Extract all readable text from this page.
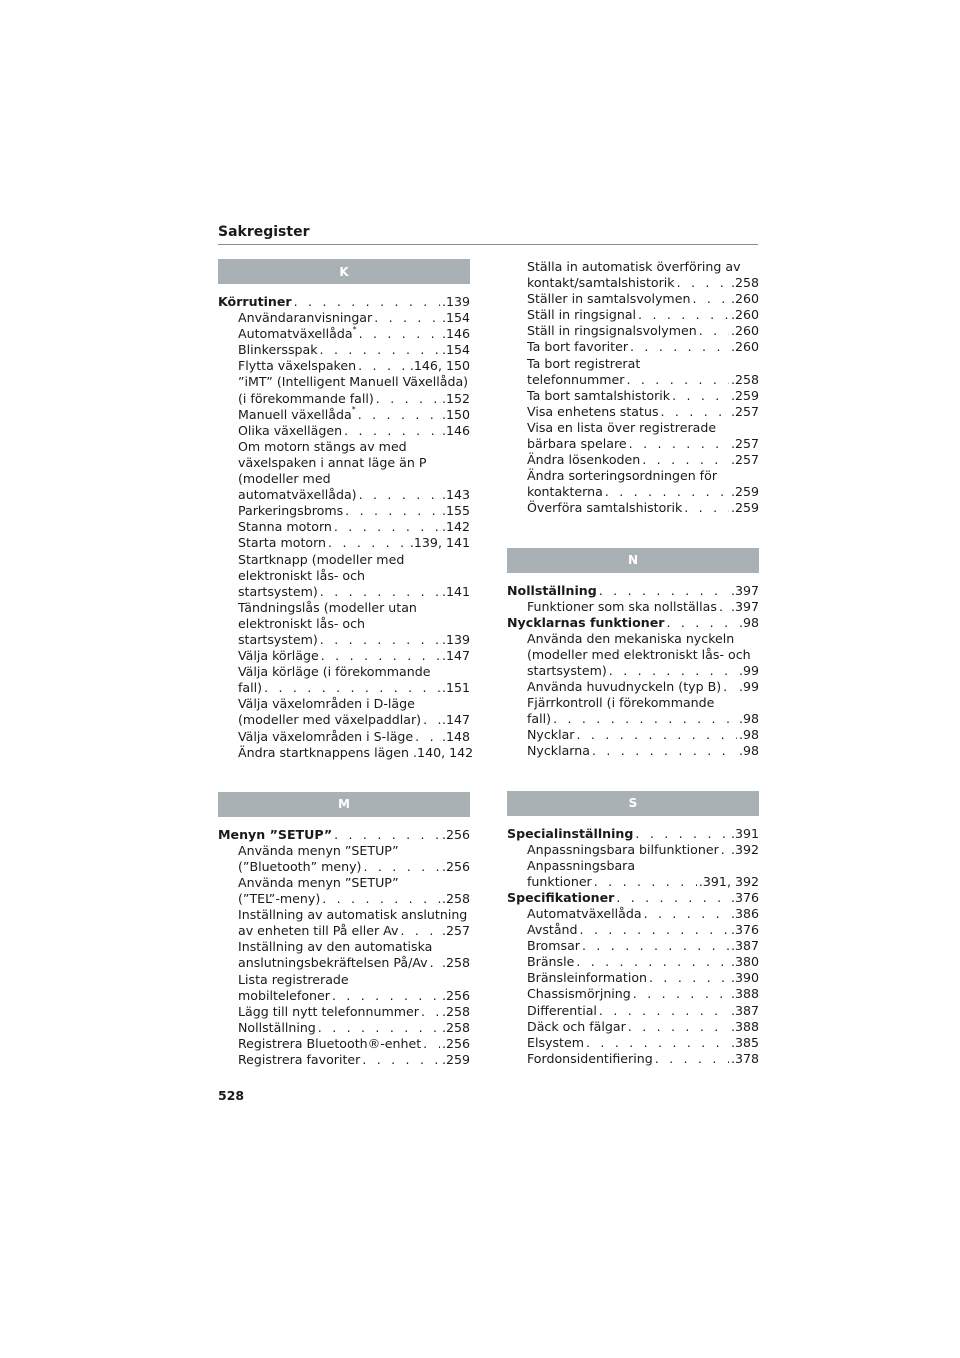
Sakregister
K
Körrutiner . . .	.139
Användaranvisningar . . .	.154
Automatväxellåda* . . .	.146
Blinkersspak . . .	.154
Flytta växelspaken . . .	.146, 150
”iMT” (Intelligent Manuell Växellåda)
(i förekommande fall) . . .	.152
Manuell växellåda* . . .	.150
Olika växellägen . . .	.146
Om motorn stängs av med
växelspaken i annat läge än P
(modeller med
automatväxellåda) . . .	.143
Parkeringsbroms . . .	.155
Stanna motorn . . .	.142
Starta motorn . . .	.139, 141
Startknapp (modeller med
elektroniskt lås- och
startsystem) . . .	.141
Tändningslås (modeller utan
elektroniskt lås- och
startsystem) . . .	.139
Välja körläge . . .	.147
Välja körläge (i förekommande
fall) . . .	.151
Välja växelområden i D-läge
(modeller med växelpaddlar) . . . .147
Välja växelområden i S-läge . . . .148
Ändra startknappens lägen .140, 142
M
Menyn ”SETUP” . . .	.256
Använda menyn ”SETUP”
(”Bluetooth” meny) . . .	.256
Använda menyn ”SETUP”
(”TEL”-meny) . . .	.258
Inställning av automatisk anslutning
av enheten till På eller Av . . .	.257
Inställning av den automatiska
anslutningsbekräftelsen På/Av . . . .258
Lista registrerade
mobiltelefoner . . .	.256
Lägg till nytt telefonnummer . . . .258
Nollställning . . .	.258
Registrera Bluetooth®-enhet . . . .256
Registrera favoriter . . .	.259
Ställa in automatisk överföring av
kontakt/samtalshistorik . . .	.258
Ställer in samtalsvolymen . . .	.260
Ställ in ringsignal . . .	.260
Ställ in ringsignalsvolymen . . .	.260
Ta bort favoriter . . .	.260
Ta bort registrerat
telefonnummer . . .	.258
Ta bort samtalshistorik . . .	.259
Visa enhetens status . . .	.257
Visa en lista över registrerade
bärbara spelare . . .	.257
Ändra lösenkoden . . .	.257
Ändra sorteringsordningen för
kontakterna . . .	.259
Överföra samtalshistorik . . .	.259
N
Nollställning . . .	.397
Funktioner som ska nollställas . . . .397
Nycklarnas funktioner . . .	.98
Använda den mekaniska nyckeln
(modeller med elektroniskt lås- och
startsystem) . . .	.99
Använda huvudnyckeln (typ B) . . . .99
Fjärrkontroll (i förekommande
fall) . . .	.98
Nycklar . . .	.98
Nycklarna . . .	.98
S
Specialinställning . . .	.391
Anpassningsbara bilfunktioner . . . .392
Anpassningsbara
funktioner . . .	.391, 392
Specifikationer . . .	.376
Automatväxellåda . . .	.386
Avstånd . . .	.376
Bromsar . . .	.387
Bränsle . . .	.380
Bränsleinformation . . .	.390
Chassismörjning . . .	.388
Differential . . .	.387
Däck och fälgar . . .	.388
Elsystem . . .	.385
Fordonsidentifiering . . .	.378
528
